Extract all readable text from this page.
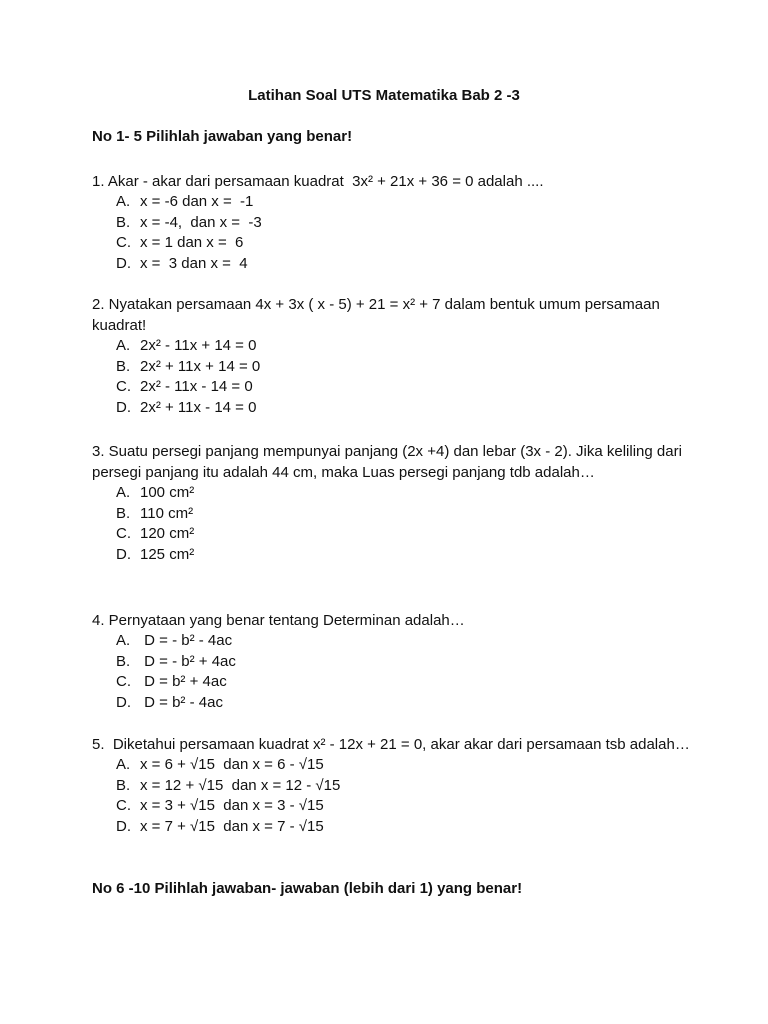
Latihan Soal UTS Matematika Bab 2 -3
No 1- 5 Pilihlah jawaban yang benar!

1. Akar - akar dari persamaan kuadrat  3x² + 21x + 36 = 0 adalah ....

A. x = -6 dan x =  -1
B. x = -4,  dan x =  -3
C. x = 1 dan x =  6
D. x =  3 dan x =  4

2. Nyatakan persamaan 4x + 3x ( x - 5) + 21 = x² + 7 dalam bentuk umum persamaan kuadrat!

A. 2x² - 11x + 14 = 0
B. 2x² + 11x + 14 = 0
C. 2x² - 11x - 14 = 0
D. 2x² + 11x - 14 = 0

3. Suatu persegi panjang mempunyai panjang (2x +4) dan lebar (3x - 2). Jika keliling dari persegi panjang itu adalah 44 cm, maka Luas persegi panjang tdb adalah…

A. 100 cm²
B. 110 cm²
C. 120 cm²
D. 125 cm²

4. Pernyataan yang benar tentang Determinan adalah…

A. D = - b² - 4ac
B. D = - b² + 4ac
C. D = b² + 4ac
D. D = b² - 4ac

5.  Diketahui persamaan kuadrat x² - 12x + 21 = 0, akar akar dari persamaan tsb adalah…

A. x = 6 + √15  dan x = 6 - √15
B. x = 12 + √15  dan x = 12 - √15
C. x = 3 + √15  dan x = 3 - √15
D. x = 7 + √15  dan x = 7 - √15
No 6 -10 Pilihlah jawaban- jawaban (lebih dari 1) yang benar!
